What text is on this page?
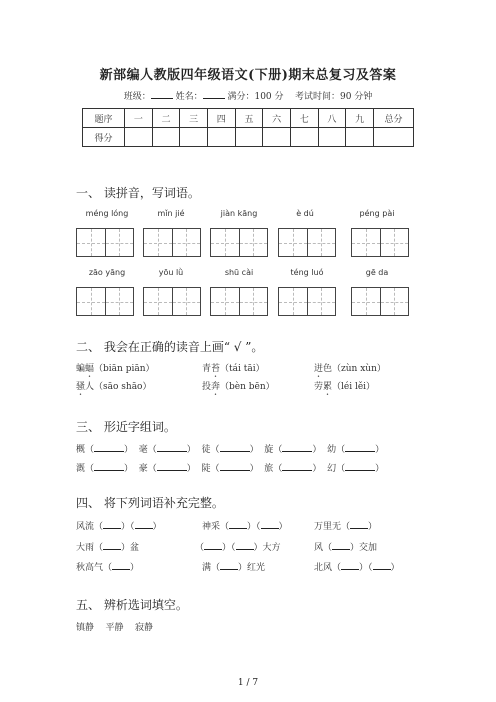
新部编人教版四年级语文(下册)期末总复习及答案
班级：	姓名：	满分：100 分 考试时间：90 分钟
题序	一	二	三	四	五	六	七	八	九	总分
得分										
一、 读拼音，写词语。
méng lóng	mǐn jié	jiàn kāng	è dú	péng pài
zāo yāng	yōu lǜ	shū cài	téng luó	gē da
二、 我会在正确的读音上画“ √ ”。
蝙蝠（biān piān）	青苔（tái tāi）	迸色（zùn xùn）
骚人（sāo shāo）	投奔（bèn bēn）	劳累（léi lěi）
三、 形近字组词。
概（	）  毫（	）  徒（	）  旋（	）  幼（	）
溉（	）  豪（	）  陡（	）  旅（	）  幻（	）
四、 将下列词语补充完整。
风流（ ）（ ）	神采（ ）（ ）	万里无（ ）
大雨（ ）盆	（ ）（ ）大方	风（ ）交加
秋高气（ ）	满（ ）红光	北风（ ）（ ）
五、 辨析选词填空。
镇静 平静 寂静
1 / 7
